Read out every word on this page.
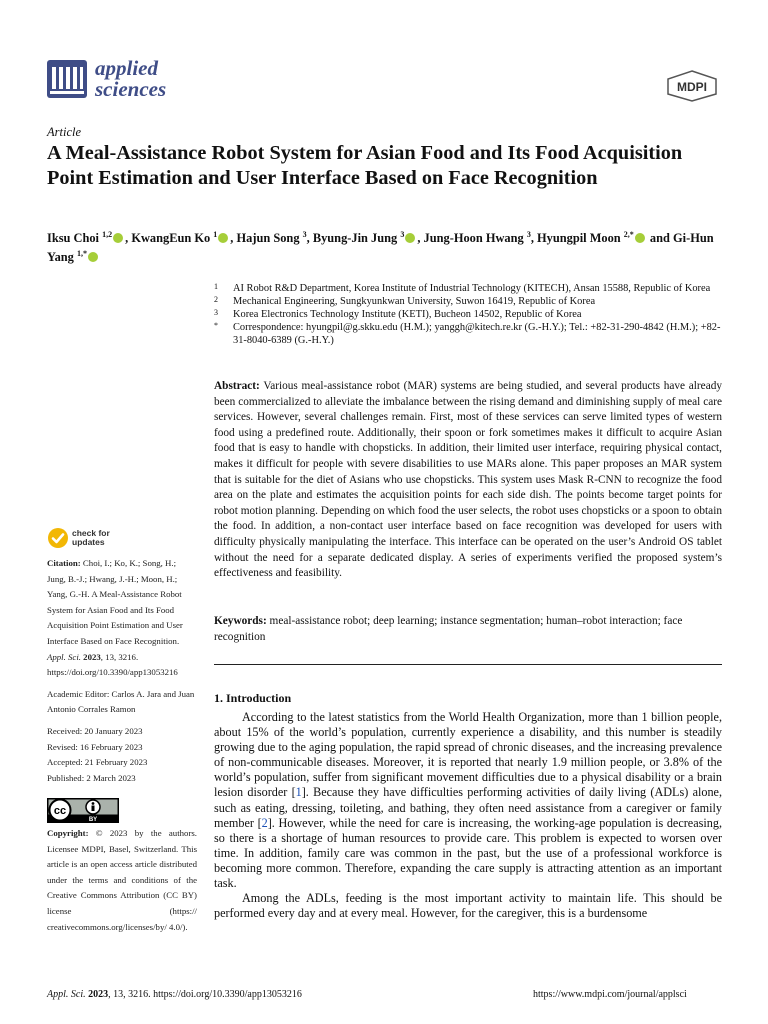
applied
sciences	MDPI
Article
A Meal-Assistance Robot System for Asian Food and Its Food Acquisition Point Estimation and User Interface Based on Face Recognition
Iksu Choi $^{1,2}$ , KwangEun Ko $^1$ , Hajun Song $^3$, Byung-Jin Jung $^3$ , Jung-Hoon Hwang $^3$, Hyungpil Moon $^{2,*}$ and Gi-Hun Yang $^{1,*}$
1 AI Robot R&D Department, Korea Institute of Industrial Technology (KITECH), Ansan 15588, Republic of Korea
2 Mechanical Engineering, Sungkyunkwan University, Suwon 16419, Republic of Korea
3 Korea Electronics Technology Institute (KETI), Bucheon 14502, Republic of Korea
* Correspondence: hyungpil@g.skku.edu (H.M.); yanggh@kitech.re.kr (G.-H.Y.); Tel.: +82-31-290-4842 (H.M.); +82-31-8040-6389 (G.-H.Y.)
Abstract: Various meal-assistance robot (MAR) systems are being studied, and several products have already been commercialized to alleviate the imbalance between the rising demand and diminishing supply of meal care services. However, several challenges remain. First, most of these services can serve limited types of western food using a predefined route. Additionally, their spoon or fork sometimes makes it difficult to acquire Asian food that is easy to handle with chopsticks. In addition, their limited user interface, requiring physical contact, makes it difficult for people with severe disabilities to use MARs alone. This paper proposes an MAR system that is suitable for the diet of Asians who use chopsticks. This system uses Mask R-CNN to recognize the food area on the plate and estimates the acquisition points for each side dish. The points become target points for robot motion planning. Depending on which food the user selects, the robot uses chopsticks or a spoon to obtain the food. In addition, a non-contact user interface based on face recognition was developed for users with difficulty physically manipulating the interface. This interface can be operated on the user’s Android OS tablet without the need for a separate dedicated display. A series of experiments verified the proposed system’s effectiveness and feasibility.
Keywords: meal-assistance robot; deep learning; instance segmentation; human–robot interaction; face recognition
1. Introduction

According to the latest statistics from the World Health Organization, more than 1 billion people, about 15% of the world’s population, currently experience a disability, and this number is steadily growing due to the aging population, the rapid spread of chronic diseases, and the increasing prevalence of non-communicable diseases. Moreover, it is reported that nearly 1.9 million people, or 3.8% of the world’s population, suffer from significant movement difficulties due to a physical disability or a brain lesion disorder [1]. Because they have difficulties performing activities of daily living (ADLs) alone, such as eating, dressing, toileting, and bathing, they often need assistance from a caregiver or family member [2]. However, while the need for care is increasing, the working-age population is decreasing, so there is a shortage of human resources to provide care. This problem is expected to worsen over time. In addition, family care was common in the past, but the use of a professional workforce is becoming more common. Therefore, expanding the care supply is attracting attention as an important task.

Among the ADLs, feeding is the most important activity to maintain life. This should be performed every day and at every meal. However, for the caregiver, this is a burdensome

check for
updates

Citation: Choi, I.; Ko, K.; Song, H.; Jung, B.-J.; Hwang, J.-H.; Moon, H.; Yang, G.-H. A Meal-Assistance Robot System for Asian Food and Its Food Acquisition Point Estimation and User Interface Based on Face Recognition. Appl. Sci. 2023, 13, 3216. https://doi.org/10.3390/app13053216

Academic Editor: Carlos A. Jara and Juan Antonio Corrales Ramon

Received: 20 January 2023

Revised: 16 February 2023

Accepted: 21 February 2023

Published: 2 March 2023

cc
BY
Copyright: © 2023 by the authors. Licensee MDPI, Basel, Switzerland. This article is an open access article distributed under the terms and conditions of the Creative Commons Attribution (CC BY) license (https:// creativecommons.org/licenses/by/ 4.0/).
Appl. Sci. 2023, 13, 3216. https://doi.org/10.3390/app13053216	https://www.mdpi.com/journal/applsci
